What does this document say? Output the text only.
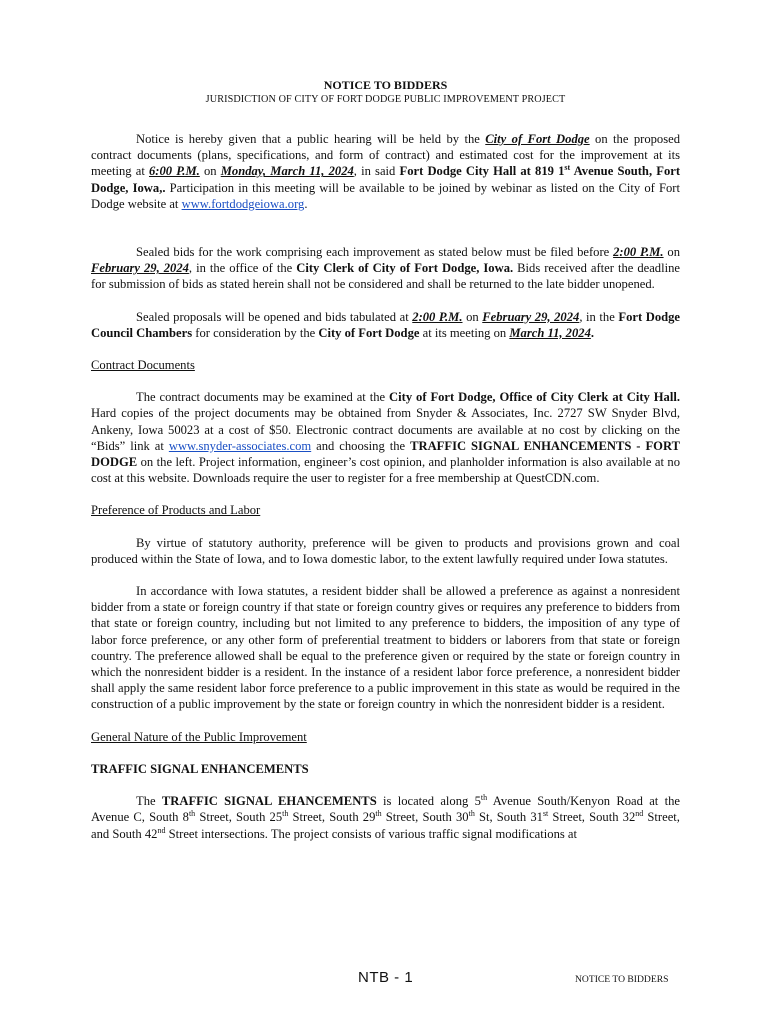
NOTICE TO BIDDERS
JURISDICTION OF CITY OF FORT DODGE PUBLIC IMPROVEMENT PROJECT

Notice is hereby given that a public hearing will be held by the City of Fort Dodge on the proposed contract documents (plans, specifications, and form of contract) and estimated cost for the improvement at its meeting at 6:00 P.M. on Monday, March 11, 2024, in said Fort Dodge City Hall at 819 1st Avenue South, Fort Dodge, Iowa,. Participation in this meeting will be available to be joined by webinar as listed on the City of Fort Dodge website at www.fortdodgeiowa.org.

Sealed bids for the work comprising each improvement as stated below must be filed before 2:00 P.M. on February 29, 2024, in the office of the City Clerk of City of Fort Dodge, Iowa. Bids received after the deadline for submission of bids as stated herein shall not be considered and shall be returned to the late bidder unopened.

Sealed proposals will be opened and bids tabulated at 2:00 P.M. on February 29, 2024, in the Fort Dodge Council Chambers for consideration by the City of Fort Dodge at its meeting on March 11, 2024.

Contract Documents

The contract documents may be examined at the City of Fort Dodge, Office of City Clerk at City Hall. Hard copies of the project documents may be obtained from Snyder & Associates, Inc. 2727 SW Snyder Blvd, Ankeny, Iowa 50023 at a cost of $50. Electronic contract documents are available at no cost by clicking on the “Bids” link at www.snyder-associates.com and choosing the TRAFFIC SIGNAL ENHANCEMENTS - FORT DODGE on the left. Project information, engineer’s cost opinion, and planholder information is also available at no cost at this website. Downloads require the user to register for a free membership at QuestCDN.com.

Preference of Products and Labor

By virtue of statutory authority, preference will be given to products and provisions grown and coal produced within the State of Iowa, and to Iowa domestic labor, to the extent lawfully required under Iowa statutes.

In accordance with Iowa statutes, a resident bidder shall be allowed a preference as against a nonresident bidder from a state or foreign country if that state or foreign country gives or requires any preference to bidders from that state or foreign country, including but not limited to any preference to bidders, the imposition of any type of labor force preference, or any other form of preferential treatment to bidders or laborers from that state or foreign country. The preference allowed shall be equal to the preference given or required by the state or foreign country in which the nonresident bidder is a resident. In the instance of a resident labor force preference, a nonresident bidder shall apply the same resident labor force preference to a public improvement in this state as would be required in the construction of a public improvement by the state or foreign country in which the nonresident bidder is a resident.

General Nature of the Public Improvement

TRAFFIC SIGNAL ENHANCEMENTS

The TRAFFIC SIGNAL EHANCEMENTS is located along 5th Avenue South/Kenyon Road at the Avenue C, South 8th Street, South 25th Street, South 29th Street, South 30th St, South 31st Street, South 32nd Street, and South 42nd Street intersections. The project consists of various traffic signal modifications at

NTB - 1	NOTICE TO BIDDERS
